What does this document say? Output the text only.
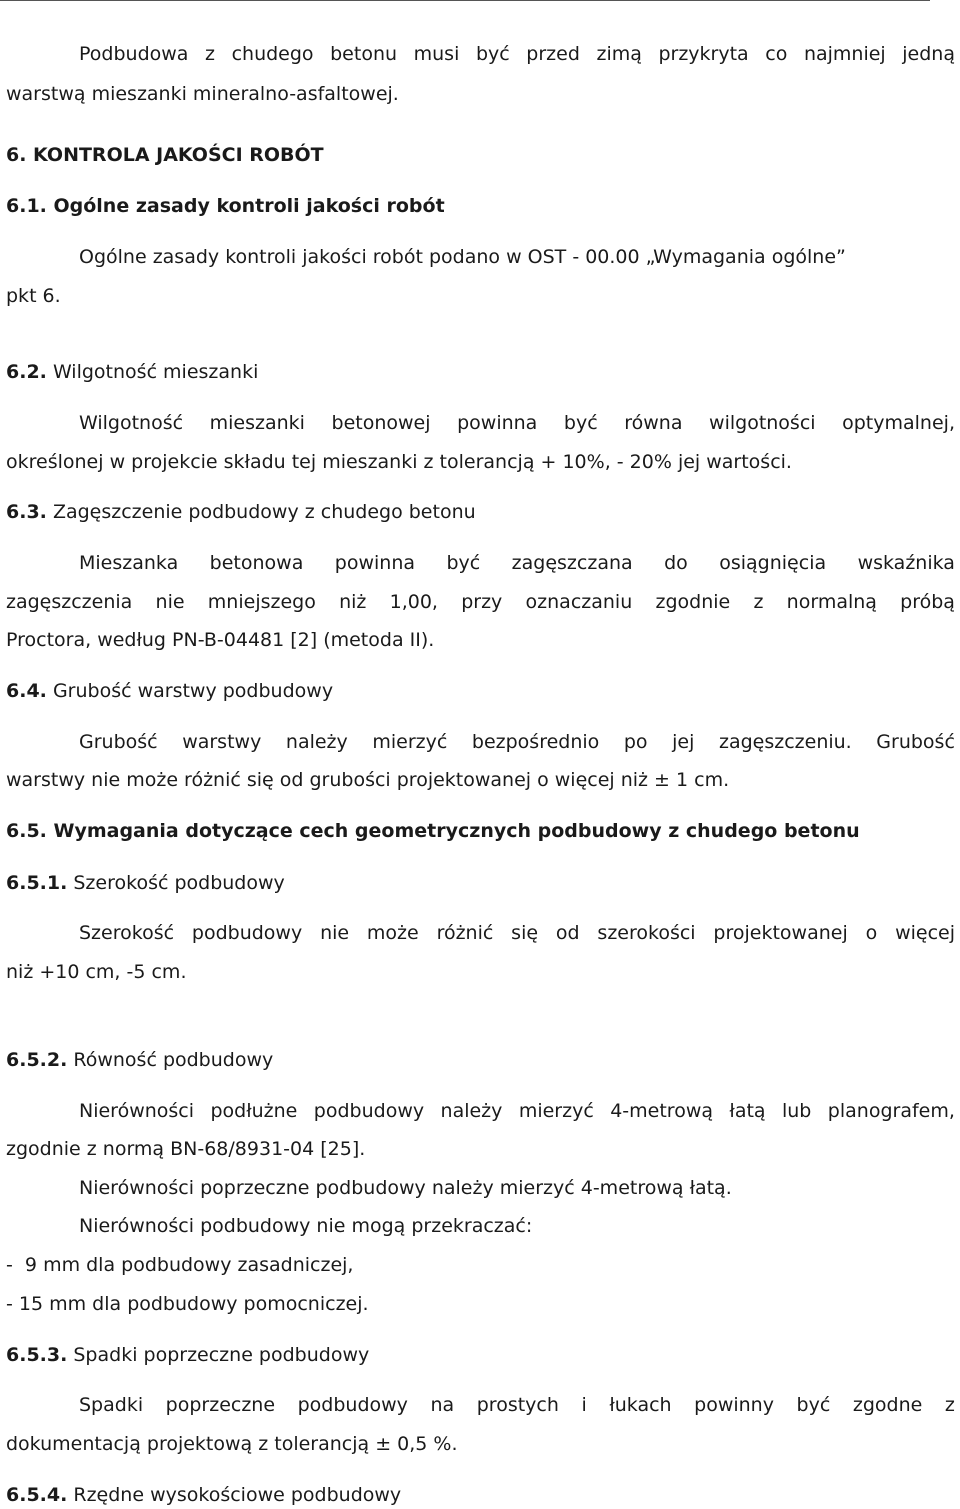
Podbudowa z chudego betonu musi być przed zimą przykryta co najmniej jedną
warstwą mieszanki mineralno-asfaltowej.
6. KONTROLA JAKOŚCI ROBÓT
6.1. Ogólne zasady kontroli jakości robót
Ogólne zasady kontroli jakości robót podano w OST - 00.00 „Wymagania ogólne”
pkt 6.
6.2. Wilgotność mieszanki
Wilgotność mieszanki betonowej powinna być równa wilgotności optymalnej,
określonej w projekcie składu tej mieszanki z tolerancją + 10%, - 20% jej wartości.
6.3. Zagęszczenie podbudowy z chudego betonu
Mieszanka betonowa powinna być zagęszczana do osiągnięcia wskaźnika
zagęszczenia nie mniejszego niż 1,00, przy oznaczaniu zgodnie z normalną próbą
Proctora, według PN-B-04481 [2] (metoda II).
6.4. Grubość warstwy podbudowy
Grubość warstwy należy mierzyć bezpośrednio po jej zagęszczeniu. Grubość
warstwy nie może różnić się od grubości projektowanej o więcej niż ± 1 cm.
6.5. Wymagania dotyczące cech geometrycznych podbudowy z chudego betonu
6.5.1. Szerokość podbudowy
Szerokość podbudowy nie może różnić się od szerokości projektowanej o więcej
niż +10 cm, -5 cm.
6.5.2. Równość podbudowy
Nierówności podłużne podbudowy należy mierzyć 4-metrową łatą lub planografem,
zgodnie z normą BN-68/8931-04 [25].
Nierówności poprzeczne podbudowy należy mierzyć 4-metrową łatą.
Nierówności podbudowy nie mogą przekraczać:
-  9 mm dla podbudowy zasadniczej,
- 15 mm dla podbudowy pomocniczej.
6.5.3. Spadki poprzeczne podbudowy
Spadki poprzeczne podbudowy na prostych i łukach powinny być zgodne z
dokumentacją projektową z tolerancją ± 0,5 %.
6.5.4. Rzędne wysokościowe podbudowy
